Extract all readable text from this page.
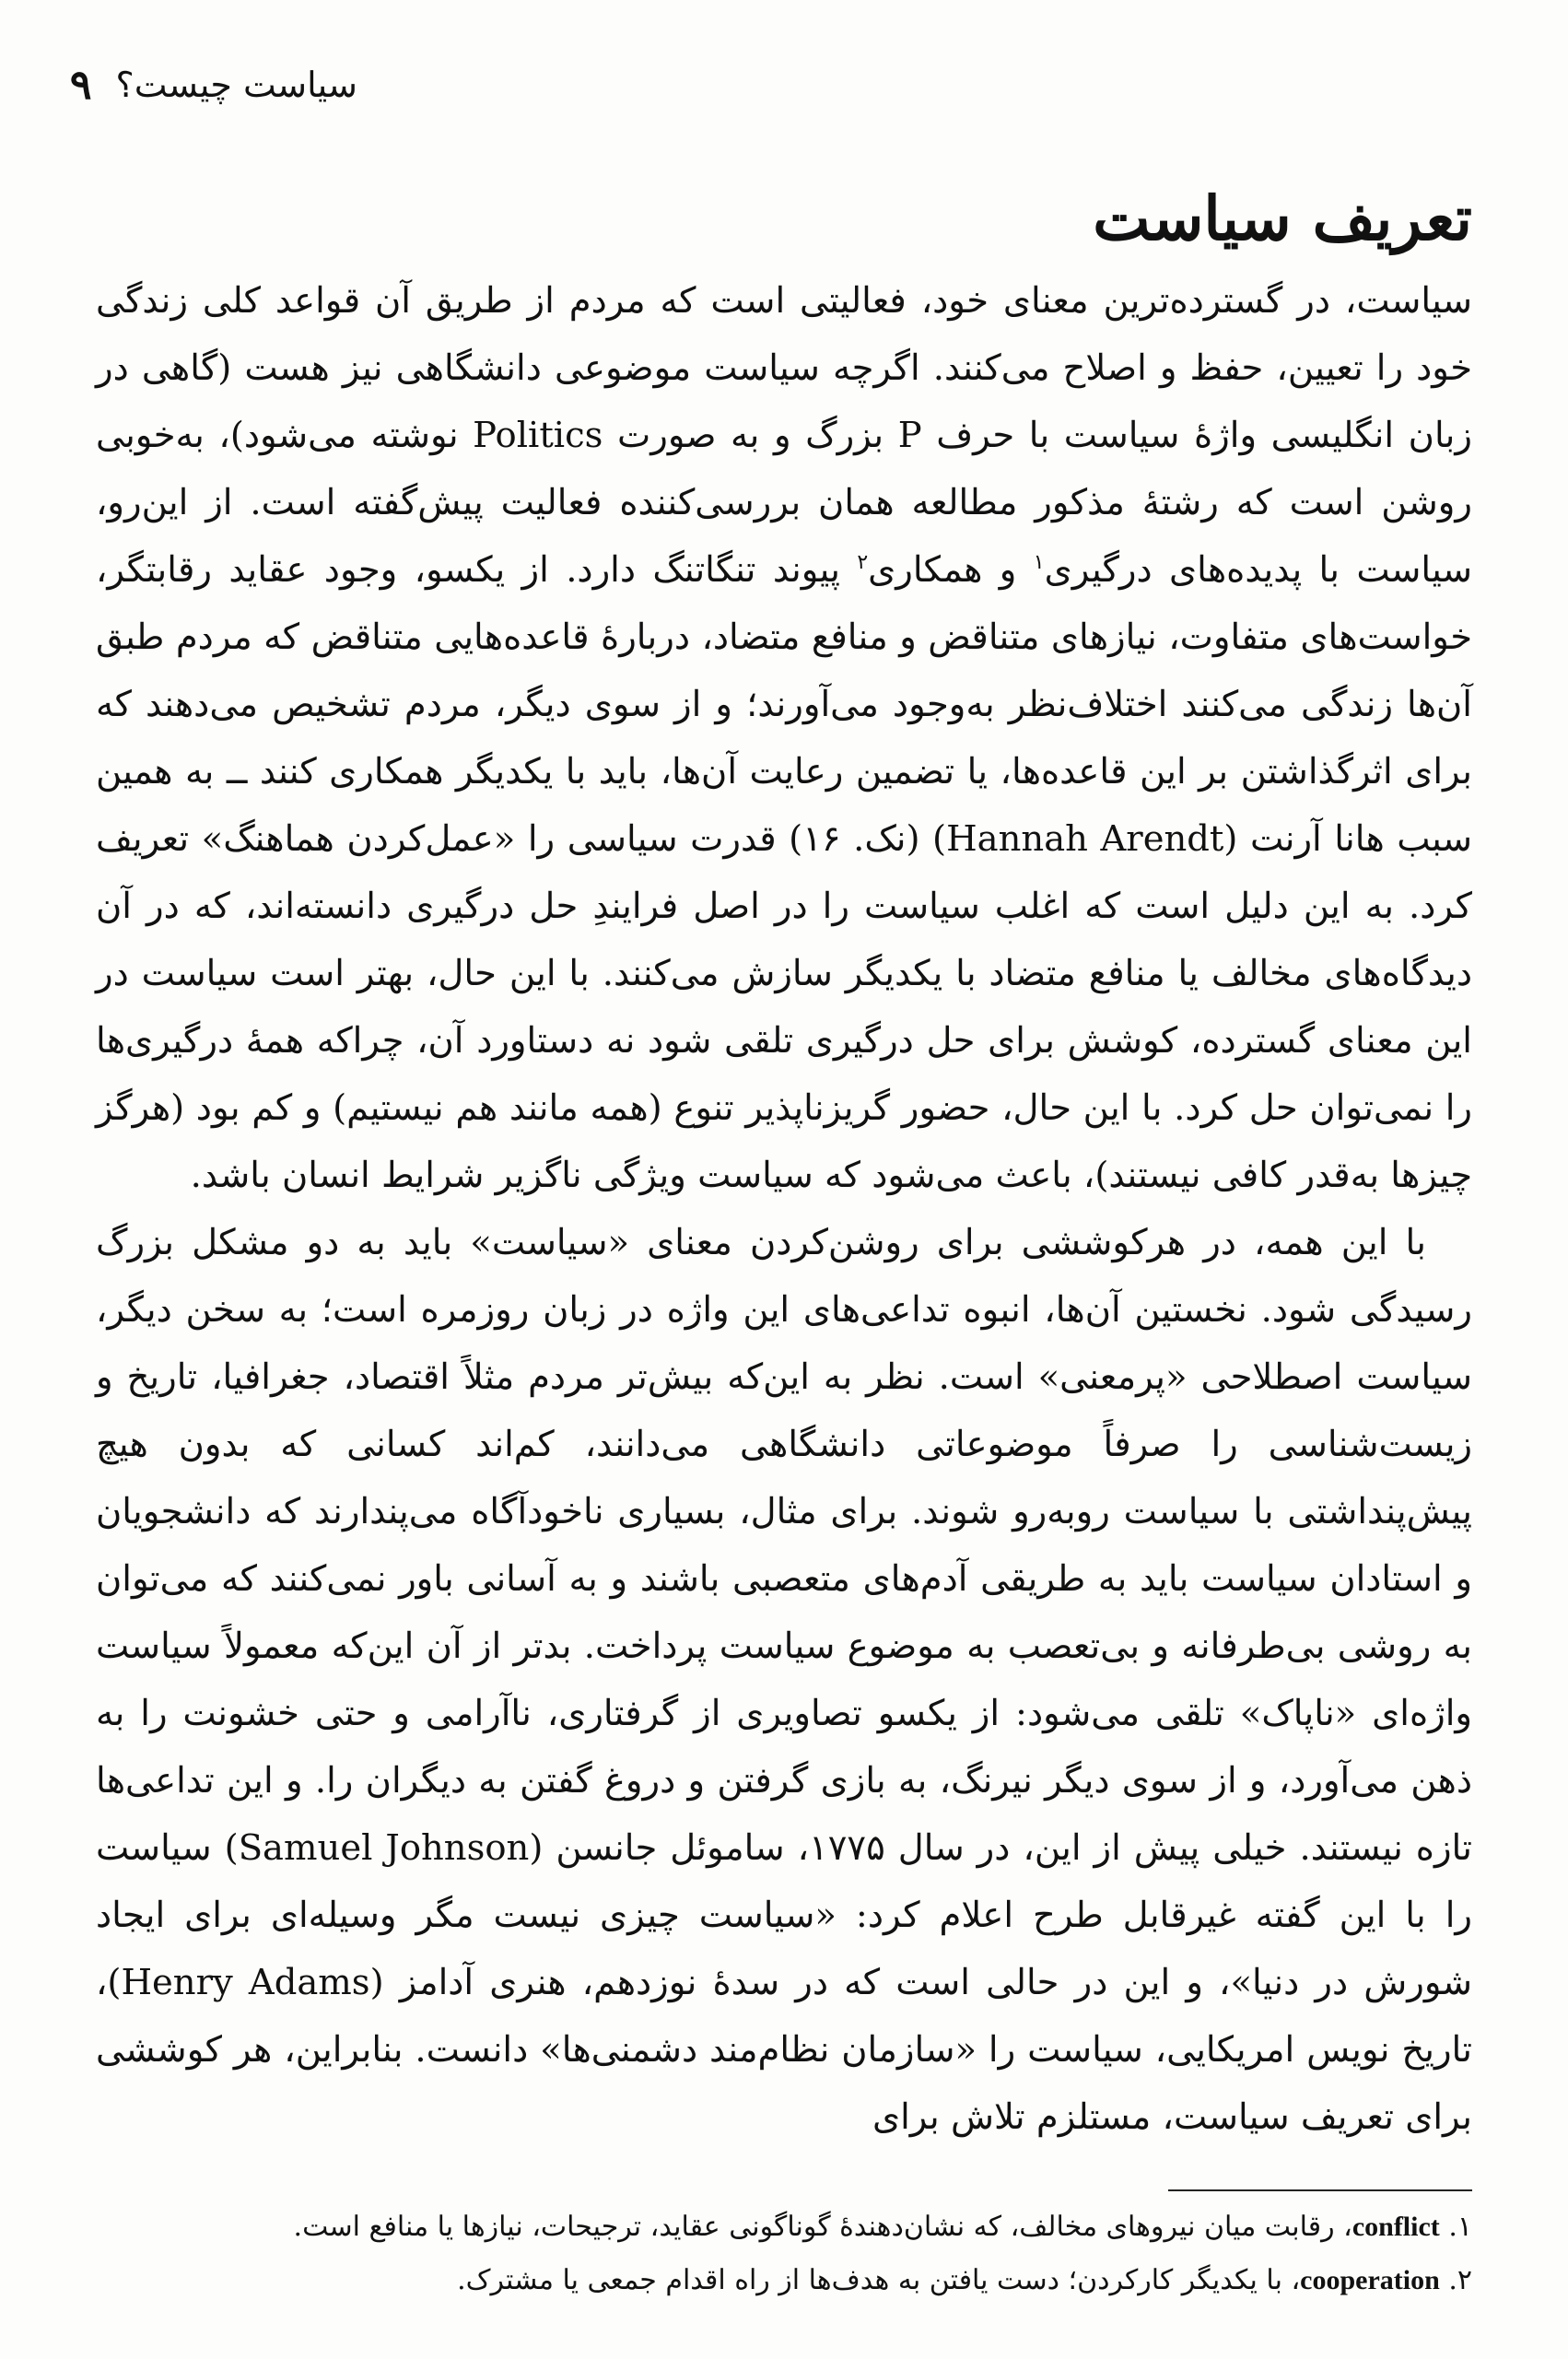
سیاست چیست؟
۹
تعریف سیاست

سیاست، در گسترده‌ترین معنای خود، فعالیتی است که مردم از طریق آن قواعد کلی زندگی خود را تعیین، حفظ و اصلاح می‌کنند. اگرچه سیاست موضوعی دانشگاهی نیز هست (گاهی در زبان انگلیسی واژهٔ سیاست با حرف P بزرگ و به صورت Politics نوشته می‌شود)، به‌خوبی روشن است که رشتهٔ مذکور مطالعه همان بررسی‌کننده فعالیت پیش‌گفته است. از این‌رو، سیاست با پدیده‌های درگیری$^۱$ و همکاری$^۲$ پیوند تنگاتنگ دارد. از یکسو، وجود عقاید رقابتگر، خواست‌های متفاوت، نیازهای متناقض و منافع متضاد، دربارهٔ قاعده‌هایی متناقض که مردم طبق آن‌ها زندگی می‌کنند اختلاف‌نظر به‌وجود می‌آورند؛ و از سوی دیگر، مردم تشخیص می‌دهند که برای اثرگذاشتن بر این قاعده‌ها، یا تضمین رعایت آن‌ها، باید با یکدیگر همکاری کنند ــ به همین سبب هانا آرنت (Hannah Arendt) (نک. ۱۶) قدرت سیاسی را «عمل‌کردن هماهنگ» تعریف کرد. به این دلیل است که اغلب سیاست را در اصل فرایندِ حل درگیری دانسته‌اند، که در آن دیدگاه‌های مخالف یا منافع متضاد با یکدیگر سازش می‌کنند. با این حال، بهتر است سیاست در این معنای گسترده، کوشش برای حل درگیری تلقی شود نه دستاورد آن، چراکه همهٔ درگیری‌ها را نمی‌توان حل کرد. با این حال، حضور گریزناپذیر تنوع (همه مانند هم نیستیم) و کم بود (هرگز چیزها به‌قدر کافی نیستند)، باعث می‌شود که سیاست ویژگی ناگزیر شرایط انسان باشد.

با این همه، در هرکوششی برای روشن‌کردن معنای «سیاست» باید به دو مشکل بزرگ رسیدگی شود. نخستین آن‌ها، انبوه تداعی‌های این واژه در زبان روزمره است؛ به سخن دیگر، سیاست اصطلاحی «پرمعنی» است. نظر به این‌که بیش‌تر مردم مثلاً اقتصاد، جغرافیا، تاریخ و زیست‌شناسی را صرفاً موضوعاتی دانشگاهی می‌دانند، کم‌اند کسانی که بدون هیچ پیش‌پنداشتی با سیاست روبه‌رو شوند. برای مثال، بسیاری ناخودآگاه می‌پندارند که دانشجویان و استادان سیاست باید به طریقی آدم‌های متعصبی باشند و به آسانی باور نمی‌کنند که می‌توان به روشی بی‌طرفانه و بی‌تعصب به موضوع سیاست پرداخت. بدتر از آن این‌که معمولاً سیاست واژه‌ای «ناپاک» تلقی می‌شود: از یکسو تصاویری از گرفتاری، ناآرامی و حتی خشونت را به ذهن می‌آورد، و از سوی دیگر نیرنگ، به بازی گرفتن و دروغ گفتن به دیگران را. و این تداعی‌ها تازه نیستند. خیلی پیش از این، در سال ۱۷۷۵، ساموئل جانسن (Samuel Johnson) سیاست را با این گفته غیرقابل طرح اعلام کرد: «سیاست چیزی نیست مگر وسیله‌ای برای ایجاد شورش در دنیا»، و این در حالی است که در سدهٔ نوزدهم، هنری آدامز (Henry Adams)، تاریخ نویس امریکایی، سیاست را «سازمان نظام‌مند دشمنی‌ها» دانست. بنابراین، هر کوششی برای تعریف سیاست، مستلزم تلاش برای

۱. conflict، رقابت میان نیروهای مخالف، که نشان‌دهندهٔ گوناگونی عقاید، ترجیحات، نیازها یا منافع است.
۲. cooperation، با یکدیگر کارکردن؛ دست یافتن به هدف‌ها از راه اقدام جمعی یا مشترک.
